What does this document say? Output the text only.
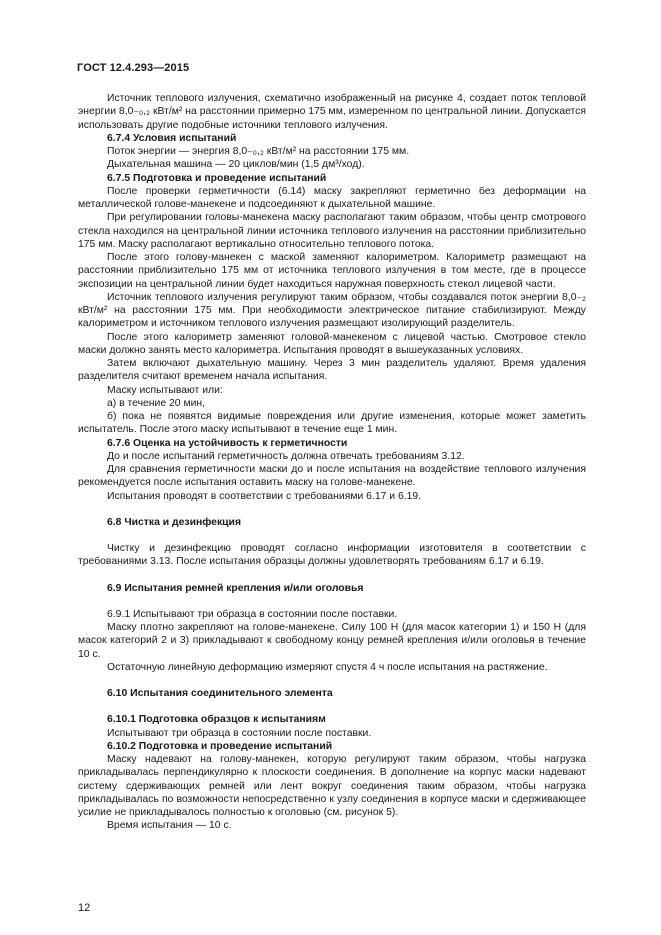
ГОСТ 12.4.293—2015

Источник теплового излучения, схематично изображенный на рисунке 4, создает поток тепловой энергии 8,0₋₀,₂ кВт/м² на расстоянии примерно 175 мм, измеренном по центральной линии. Допускается использовать другие подобные источники теплового излучения.

6.7.4 Условия испытаний

Поток энергии — энергия 8,0₋₀,₂ кВт/м² на расстоянии 175 мм.

Дыхательная машина — 20 циклов/мин (1,5 дм³/ход).

6.7.5 Подготовка и проведение испытаний

После проверки герметичности (6.14) маску закрепляют герметично без деформации на металлической голове-манекене и подсоединяют к дыхательной машине.

При регулировании головы-манекена маску располагают таким образом, чтобы центр смотрового стекла находился на центральной линии источника теплового излучения на расстоянии приблизительно 175 мм. Маску располагают вертикально относительно теплового потока.

После этого голову-манекен с маской заменяют калориметром. Калориметр размещают на расстоянии приблизительно 175 мм от источника теплового излучения в том месте, где в процессе экспозиции на центральной линии будет находиться наружная поверхность стекол лицевой части.

Источник теплового излучения регулируют таким образом, чтобы создавался поток энергии 8,0₋₂ кВт/м² на расстоянии 175 мм. При необходимости электрическое питание стабилизируют. Между калориметром и источником теплового излучения размещают изолирующий разделитель.

После этого калориметр заменяют головой-манекеном с лицевой частью. Смотровое стекло маски должно занять место калориметра. Испытания проводят в вышеуказанных условиях.

Затем включают дыхательную машину. Через 3 мин разделитель удаляют. Время удаления разделителя считают временем начала испытания.

Маску испытывают или:

а) в течение 20 мин,

б) пока не появятся видимые повреждения или другие изменения, которые может заметить испытатель. После этого маску испытывают в течение еще 1 мин.

6.7.6 Оценка на устойчивость к герметичности

До и после испытаний герметичность должна отвечать требованиям 3.12.

Для сравнения герметичности маски до и после испытания на воздействие теплового излучения рекомендуется после испытания оставить маску на голове-манекене.

Испытания проводят в соответствии с требованиями 6.17 и 6.19.

6.8 Чистка и дезинфекция

Чистку и дезинфекцию проводят согласно информации изготовителя в соответствии с требованиями 3.13. После испытания образцы должны удовлетворять требованиям 6.17 и 6.19.

6.9 Испытания ремней крепления и/или оголовья

6.9.1 Испытывают три образца в состоянии после поставки.

Маску плотно закрепляют на голове-манекене. Силу 100 Н (для масок категории 1) и 150 Н (для масок категорий 2 и 3) прикладывают к свободному концу ремней крепления и/или оголовья в течение 10 с.

Остаточную линейную деформацию измеряют спустя 4 ч после испытания на растяжение.

6.10 Испытания соединительного элемента

6.10.1 Подготовка образцов к испытаниям

Испытывают три образца в состоянии после поставки.

6.10.2 Подготовка и проведение испытаний

Маску надевают на голову-манекен, которую регулируют таким образом, чтобы нагрузка прикладывалась перпендикулярно к плоскости соединения. В дополнение на корпус маски надевают систему сдерживающих ремней или лент вокруг соединения таким образом, чтобы нагрузка прикладывалась по возможности непосредственно к узлу соединения в корпусе маски и сдерживающее усилие не прикладывалось полностью к оголовью (см. рисунок 5).

Время испытания — 10 с.

12
